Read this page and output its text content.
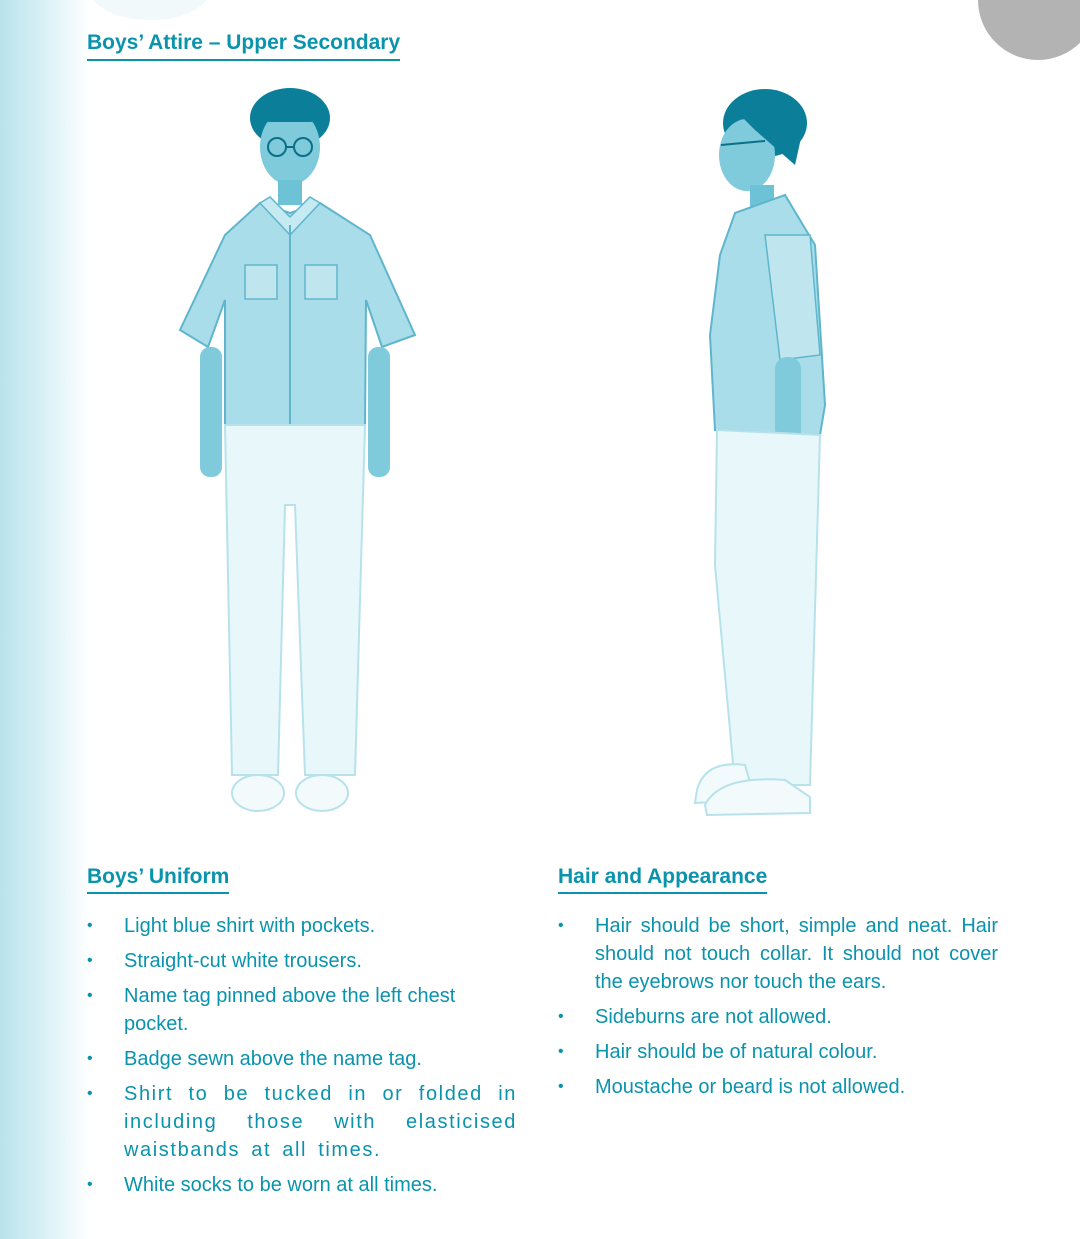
Boys’ Attire – Upper Secondary
Boys’ Uniform
• Light blue shirt with pockets.
• Straight-cut white trousers.
• Name tag pinned above the left chest pocket.
• Badge sewn above the name tag.
• Shirt to be tucked in or folded in including those with elasticised waistbands at all times.
• White socks to be worn at all times.
Hair and Appearance
• Hair should be short, simple and neat. Hair should not touch collar. It should not cover the eyebrows nor touch the ears.
• Sideburns are not allowed.
• Hair should be of natural colour.
• Moustache or beard is not allowed.
